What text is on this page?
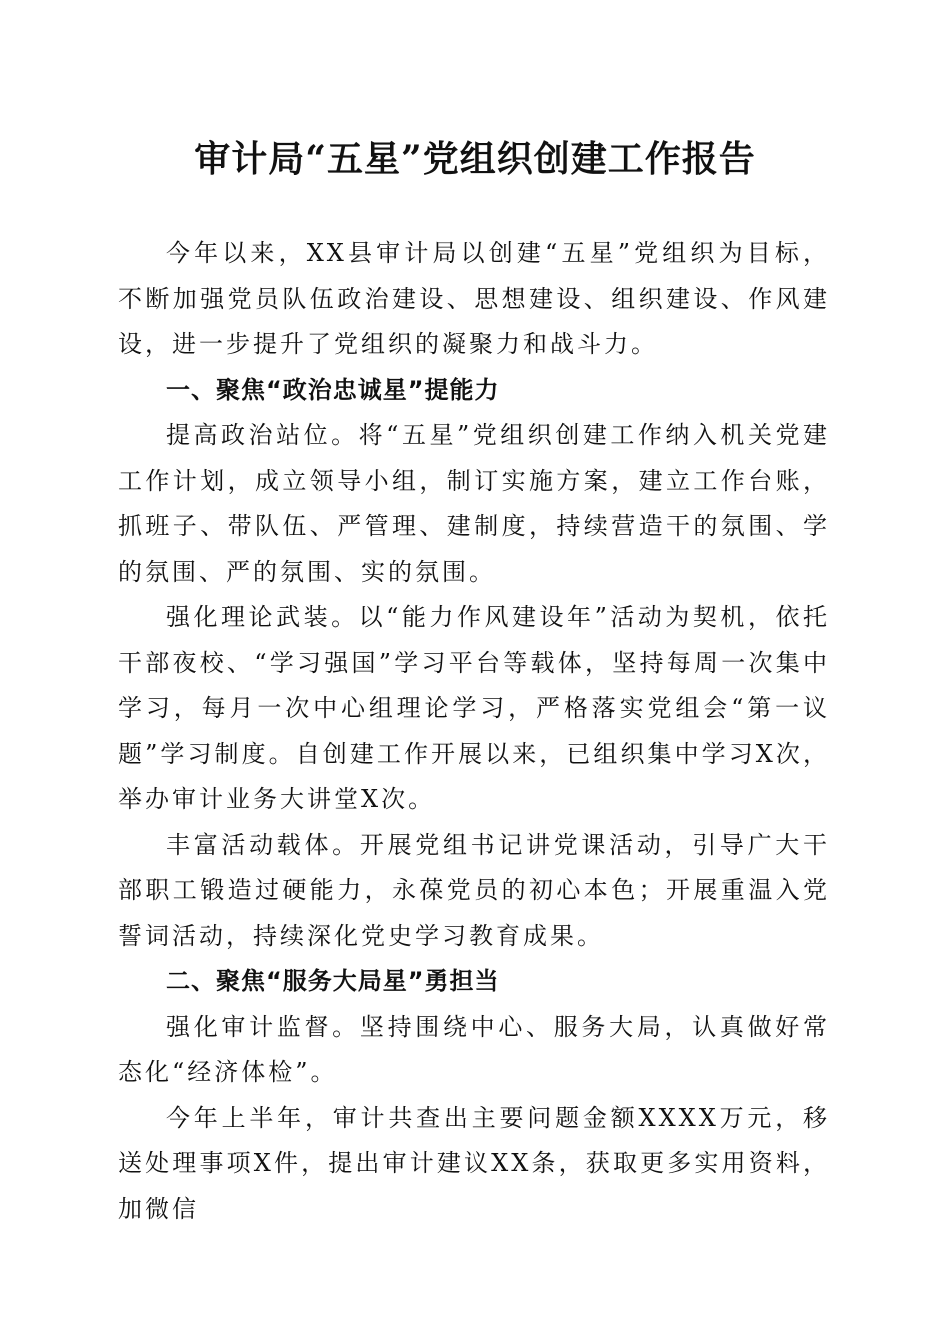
审计局“五星”党组织创建工作报告

今年以来，XX县审计局以创建“五星”党组织为目标，不断加强党员队伍政治建设、思想建设、组织建设、作风建设，进一步提升了党组织的凝聚力和战斗力。

一、聚焦“政治忠诚星”提能力

提高政治站位。将“五星”党组织创建工作纳入机关党建工作计划，成立领导小组，制订实施方案，建立工作台账，抓班子、带队伍、严管理、建制度，持续营造干的氛围、学的氛围、严的氛围、实的氛围。

强化理论武装。以“能力作风建设年”活动为契机，依托干部夜校、“学习强国”学习平台等载体，坚持每周一次集中学习，每月一次中心组理论学习，严格落实党组会“第一议题”学习制度。自创建工作开展以来，已组织集中学习X次，举办审计业务大讲堂X次。

丰富活动载体。开展党组书记讲党课活动，引导广大干部职工锻造过硬能力，永葆党员的初心本色；开展重温入党誓词活动，持续深化党史学习教育成果。

二、聚焦“服务大局星”勇担当

强化审计监督。坚持围绕中心、服务大局，认真做好常态化“经济体检”。

今年上半年，审计共查出主要问题金额XXXX万元，移送处理事项X件，提出审计建议XX条，获取更多实用资料，加微信
